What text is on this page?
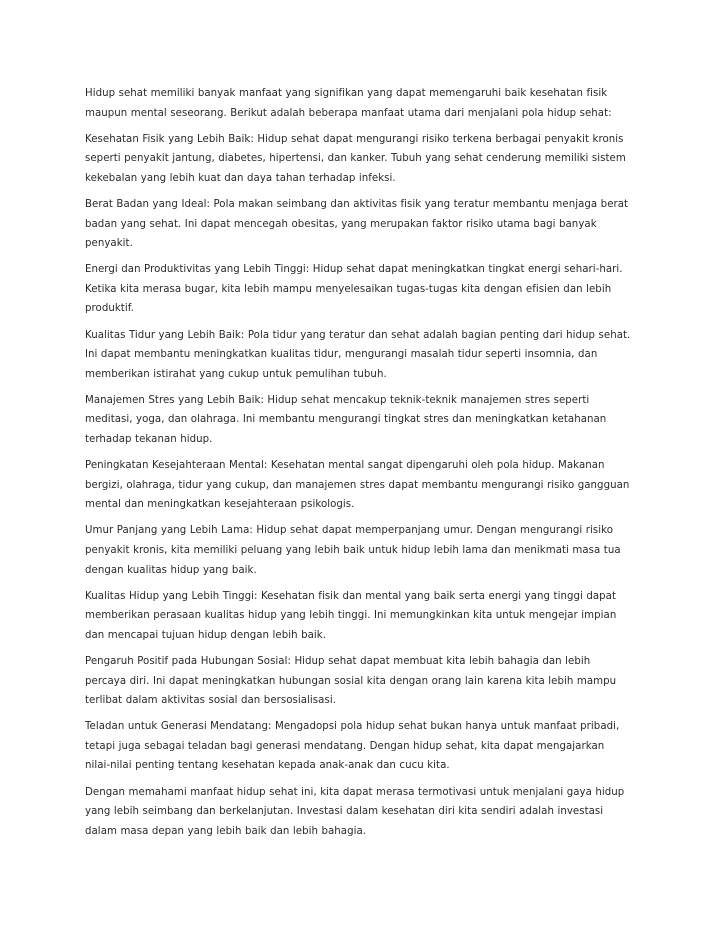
Hidup sehat memiliki banyak manfaat yang signifikan yang dapat memengaruhi baik kesehatan fisik maupun mental seseorang. Berikut adalah beberapa manfaat utama dari menjalani pola hidup sehat:

Kesehatan Fisik yang Lebih Baik: Hidup sehat dapat mengurangi risiko terkena berbagai penyakit kronis seperti penyakit jantung, diabetes, hipertensi, dan kanker. Tubuh yang sehat cenderung memiliki sistem kekebalan yang lebih kuat dan daya tahan terhadap infeksi.

Berat Badan yang Ideal: Pola makan seimbang dan aktivitas fisik yang teratur membantu menjaga berat badan yang sehat. Ini dapat mencegah obesitas, yang merupakan faktor risiko utama bagi banyak penyakit.

Energi dan Produktivitas yang Lebih Tinggi: Hidup sehat dapat meningkatkan tingkat energi sehari-hari. Ketika kita merasa bugar, kita lebih mampu menyelesaikan tugas-tugas kita dengan efisien dan lebih produktif.

Kualitas Tidur yang Lebih Baik: Pola tidur yang teratur dan sehat adalah bagian penting dari hidup sehat. Ini dapat membantu meningkatkan kualitas tidur, mengurangi masalah tidur seperti insomnia, dan memberikan istirahat yang cukup untuk pemulihan tubuh.

Manajemen Stres yang Lebih Baik: Hidup sehat mencakup teknik-teknik manajemen stres seperti meditasi, yoga, dan olahraga. Ini membantu mengurangi tingkat stres dan meningkatkan ketahanan terhadap tekanan hidup.

Peningkatan Kesejahteraan Mental: Kesehatan mental sangat dipengaruhi oleh pola hidup. Makanan bergizi, olahraga, tidur yang cukup, dan manajemen stres dapat membantu mengurangi risiko gangguan mental dan meningkatkan kesejahteraan psikologis.

Umur Panjang yang Lebih Lama: Hidup sehat dapat memperpanjang umur. Dengan mengurangi risiko penyakit kronis, kita memiliki peluang yang lebih baik untuk hidup lebih lama dan menikmati masa tua dengan kualitas hidup yang baik.

Kualitas Hidup yang Lebih Tinggi: Kesehatan fisik dan mental yang baik serta energi yang tinggi dapat memberikan perasaan kualitas hidup yang lebih tinggi. Ini memungkinkan kita untuk mengejar impian dan mencapai tujuan hidup dengan lebih baik.

Pengaruh Positif pada Hubungan Sosial: Hidup sehat dapat membuat kita lebih bahagia dan lebih percaya diri. Ini dapat meningkatkan hubungan sosial kita dengan orang lain karena kita lebih mampu terlibat dalam aktivitas sosial dan bersosialisasi.

Teladan untuk Generasi Mendatang: Mengadopsi pola hidup sehat bukan hanya untuk manfaat pribadi, tetapi juga sebagai teladan bagi generasi mendatang. Dengan hidup sehat, kita dapat mengajarkan nilai-nilai penting tentang kesehatan kepada anak-anak dan cucu kita.

Dengan memahami manfaat hidup sehat ini, kita dapat merasa termotivasi untuk menjalani gaya hidup yang lebih seimbang dan berkelanjutan. Investasi dalam kesehatan diri kita sendiri adalah investasi dalam masa depan yang lebih baik dan lebih bahagia.
